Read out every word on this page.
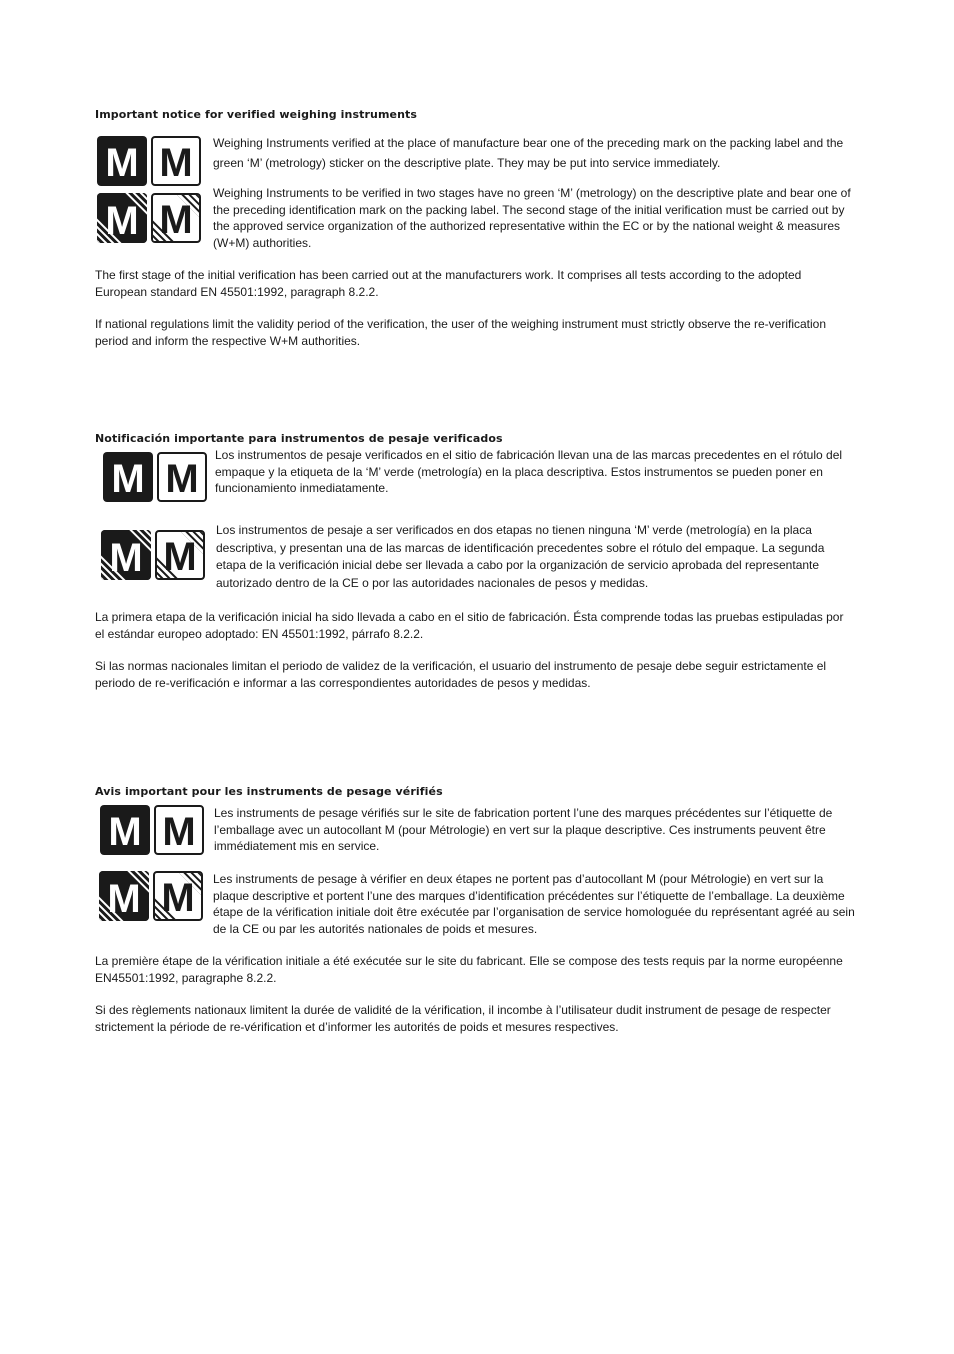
Important notice for verified weighing instruments
M M Weighing Instruments verified at the place of manufacture bear one of the preceding mark on the packing label and the green ‘M’ (metrology) sticker on the descriptive plate. They may be put into service immediately.

M M

Weighing Instruments to be verified in two stages have no green ‘M’ (metrology) on the descriptive plate and bear one of the preceding identification mark on the packing label. The second stage of the initial verification must be carried out by the approved service organization of the authorized representative within the EC or by the national weight & measures (W+M) authorities.

The first stage of the initial verification has been carried out at the manufacturers work. It comprises all tests according to the adopted European standard EN 45501:1992, paragraph 8.2.2.

If national regulations limit the validity period of the verification, the user of the weighing instrument must strictly observe the re-verification period and inform the respective W+M authorities.

Notificación importante para instrumentos de pesaje verificados
M M

Los instrumentos de pesaje verificados en el sitio de fabricación llevan una de las marcas precedentes en el rótulo del empaque y la etiqueta de la ‘M’ verde (metrología) en la placa descriptiva. Estos instrumentos se pueden poner en funcionamiento inmediatamente.

M M

Los instrumentos de pesaje a ser verificados en dos etapas no tienen ninguna ‘M’ verde (metrología) en la placa descriptiva, y presentan una de las marcas de identificación precedentes sobre el rótulo del empaque. La segunda etapa de la verificación inicial debe ser llevada a cabo por la organización de servicio aprobada del representante autorizado dentro de la CE o por las autoridades nacionales de pesos y medidas.

La primera etapa de la verificación inicial ha sido llevada a cabo en el sitio de fabricación. Ésta comprende todas las pruebas estipuladas por el estándar europeo adoptado: EN 45501:1992, párrafo 8.2.2.

Si las normas nacionales limitan el periodo de validez de la verificación, el usuario del instrumento de pesaje debe seguir estrictamente el periodo de re-verificación e informar a las correspondientes autoridades de pesos y medidas.

Avis important pour les instruments de pesage vérifiés
M M Les instruments de pesage vérifiés sur le site de fabrication portent l’une des marques précédentes sur l’étiquette de l’emballage avec un autocollant M (pour Métrologie) en vert sur la plaque descriptive. Ces instruments peuvent être immédiatement mis en service.

M M Les instruments de pesage à vérifier en deux étapes ne portent pas d’autocollant M (pour Métrologie) en vert sur la plaque descriptive et portent l’une des marques d’identification précédentes sur l’étiquette de l’emballage. La deuxième étape de la vérification initiale doit être exécutée par l’organisation de service homologuée du représentant agréé au sein de la CE ou par les autorités nationales de poids et mesures.

La première étape de la vérification initiale a été exécutée sur le site du fabricant. Elle se compose des tests requis par la norme européenne EN45501:1992, paragraphe 8.2.2.

Si des règlements nationaux limitent la durée de validité de la vérification, il incombe à l’utilisateur dudit instrument de pesage de respecter strictement la période de re-vérification et d’informer les autorités de poids et mesures respectives.
